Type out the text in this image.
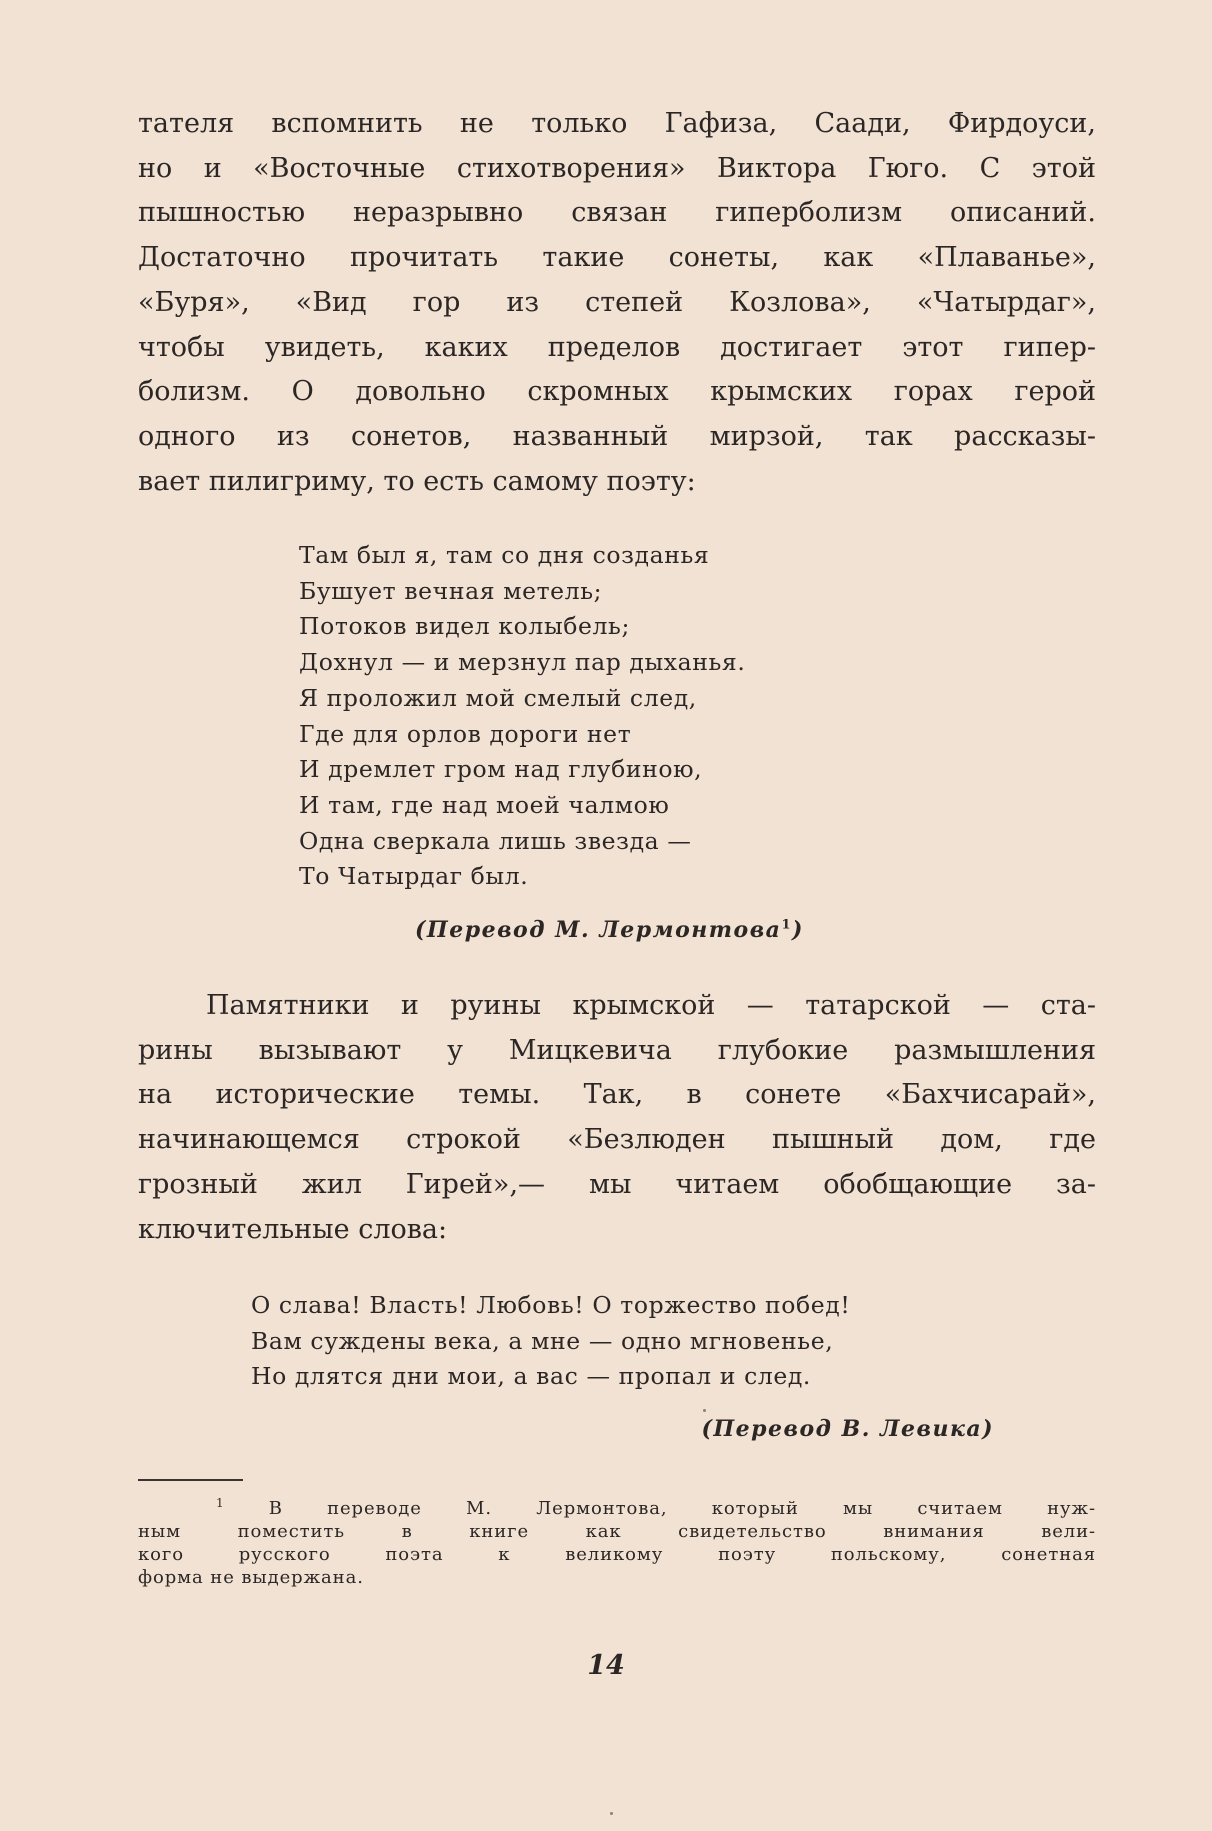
тателя вспомнить не только Гафиза, Саади, Фирдоуси,
но и «Восточные стихотворения» Виктора Гюго. С этой
пышностью неразрывно связан гиперболизм описаний.
Достаточно прочитать такие сонеты, как «Плаванье»,
«Буря», «Вид гор из степей Козлова», «Чатырдаг»,
чтобы увидеть, каких пределов достигает этот гипер-
болизм. О довольно скромных крымских горах герой
одного из сонетов, названный мирзой, так рассказы-
вает пилигриму, то есть самому поэту:

Там был я, там со дня созданья
Бушует вечная метель;
Потоков видел колыбель;
Дохнул — и мерзнул пар дыханья.
Я проложил мой смелый след,
Где для орлов дороги нет
И дремлет гром над глубиною,
И там, где над моей чалмою
Одна сверкала лишь звезда —
То Чатырдаг был.

(Перевод М. Лермонтова$^1$)

Памятники и руины крымской — татарской — ста-
рины вызывают у Мицкевича глубокие размышления
на исторические темы. Так, в сонете «Бахчисарай»,
начинающемся строкой «Безлюден пышный дом, где
грозный жил Гирей»,— мы читаем обобщающие за-
ключительные слова:

О слава! Власть! Любовь! О торжество побед!
Вам суждены века, а мне — одно мгновенье,
Но длятся дни мои, а вас — пропал и след.

(Перевод В. Левика)

$^1$ В переводе М. Лермонтова, который мы считаем нуж-
ным поместить в книге как свидетельство внимания вели-
кого русского поэта к великому поэту польскому, сонетная
форма не выдержана.

14
